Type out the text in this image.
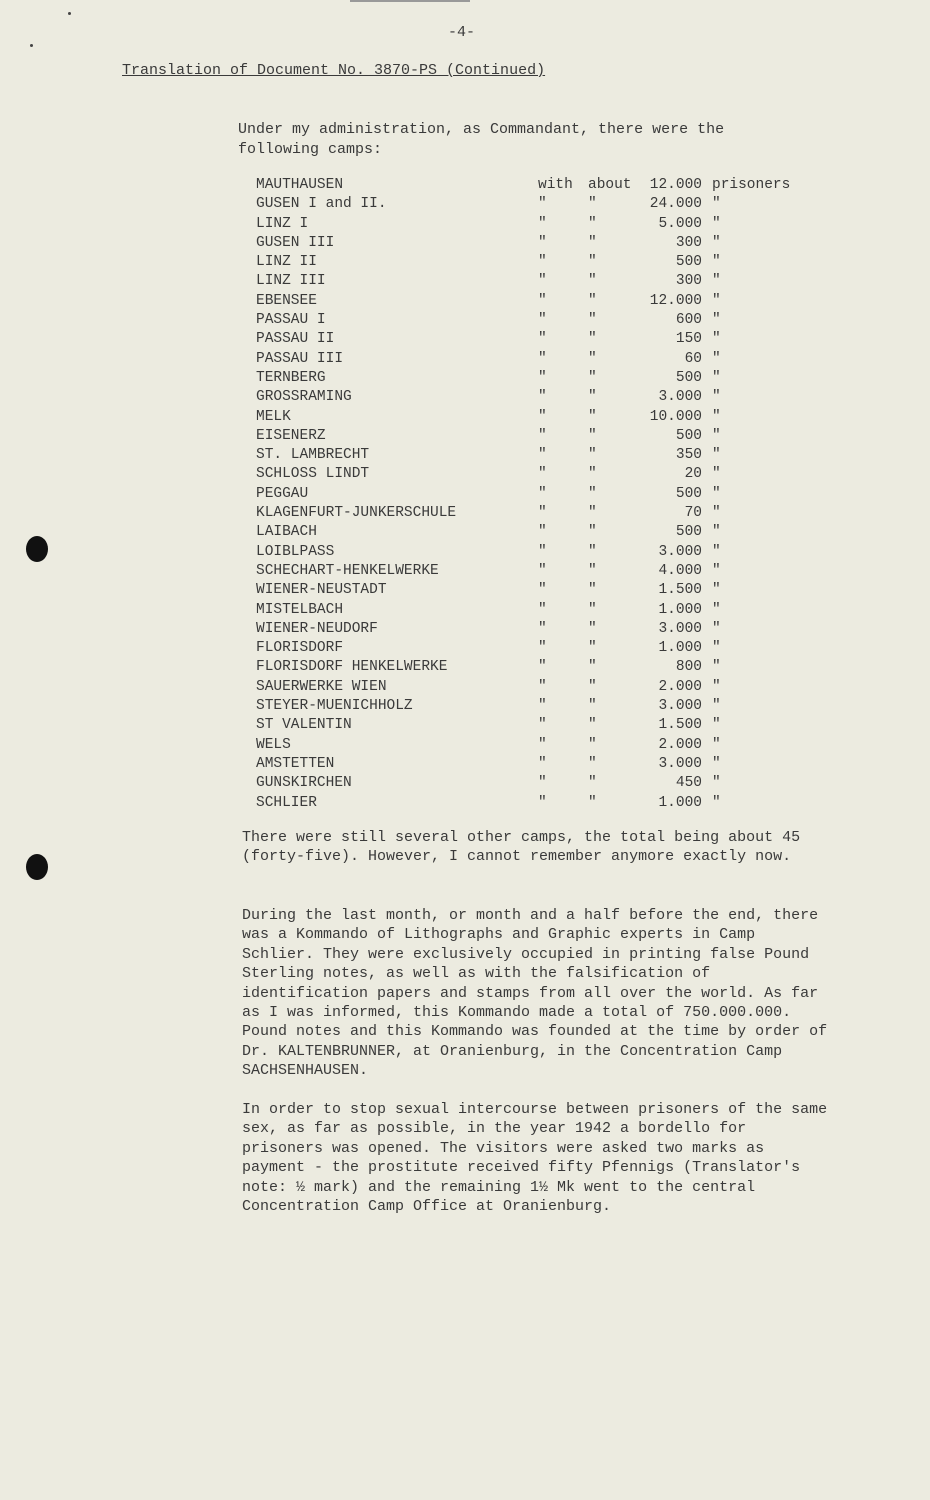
-4-
Translation of Document No. 3870-PS (Continued)
Under my administration, as Commandant, there were the following camps:
MAUTHAUSEN	with about	12.000 prisoners
GUSEN I and II.	"	"	24.000 "
LINZ I	"	"	5.000 "
GUSEN III	"	"	300 "
LINZ II	"	"	500 "
LINZ III	"	"	300 "
EBENSEE	"	"	12.000 "
PASSAU I	"	"	600 "
PASSAU II	"	"	150 "
PASSAU III	"	"	60 "
TERNBERG	"	"	500 "
GROSSRAMING	"	"	3.000 "
MELK	"	"	10.000 "
EISENERZ	"	"	500 "
ST. LAMBRECHT	"	"	350 "
SCHLOSS LINDT	"	"	20 "
PEGGAU	"	"	500 "
KLAGENFURT-JUNKERSCHULE	"	"	70 "
LAIBACH	"	"	500 "
LOIBLPASS	"	"	3.000 "
SCHECHART-HENKELWERKE	"	"	4.000 "
WIENER-NEUSTADT	"	"	1.500 "
MISTELBACH	"	"	1.000 "
WIENER-NEUDORF	"	"	3.000 "
FLORISDORF	"	"	1.000 "
FLORISDORF HENKELWERKE	"	"	800 "
SAUERWERKE WIEN	"	"	2.000 "
STEYER-MUENICHHOLZ	"	"	3.000 "
ST VALENTIN	"	"	1.500 "
WELS	"	"	2.000 "
AMSTETTEN	"	"	3.000 "
GUNSKIRCHEN	"	"	450 "
SCHLIER	"	"	1.000 "
There were still several other camps, the total being about 45 (forty-five). However, I cannot remember anymore exactly now.
During the last month, or month and a half before the end, there was a Kommando of Lithographs and Graphic experts in Camp Schlier. They were exclusively occupied in printing false Pound Sterling notes, as well as with the falsification of identification papers and stamps from all over the world. As far as I was informed, this Kommando made a total of 750.000.000. Pound notes and this Kommando was founded at the time by order of Dr. KALTENBRUNNER, at Oranienburg, in the Concentration Camp SACHSENHAUSEN.
In order to stop sexual intercourse between prisoners of the same sex, as far as possible, in the year 1942 a bordello for prisoners was opened. The visitors were asked two marks as payment - the prostitute received fifty Pfennigs (Translator's note: ½ mark) and the remaining 1½ Mk went to the central Concentration Camp Office at Oranienburg.
